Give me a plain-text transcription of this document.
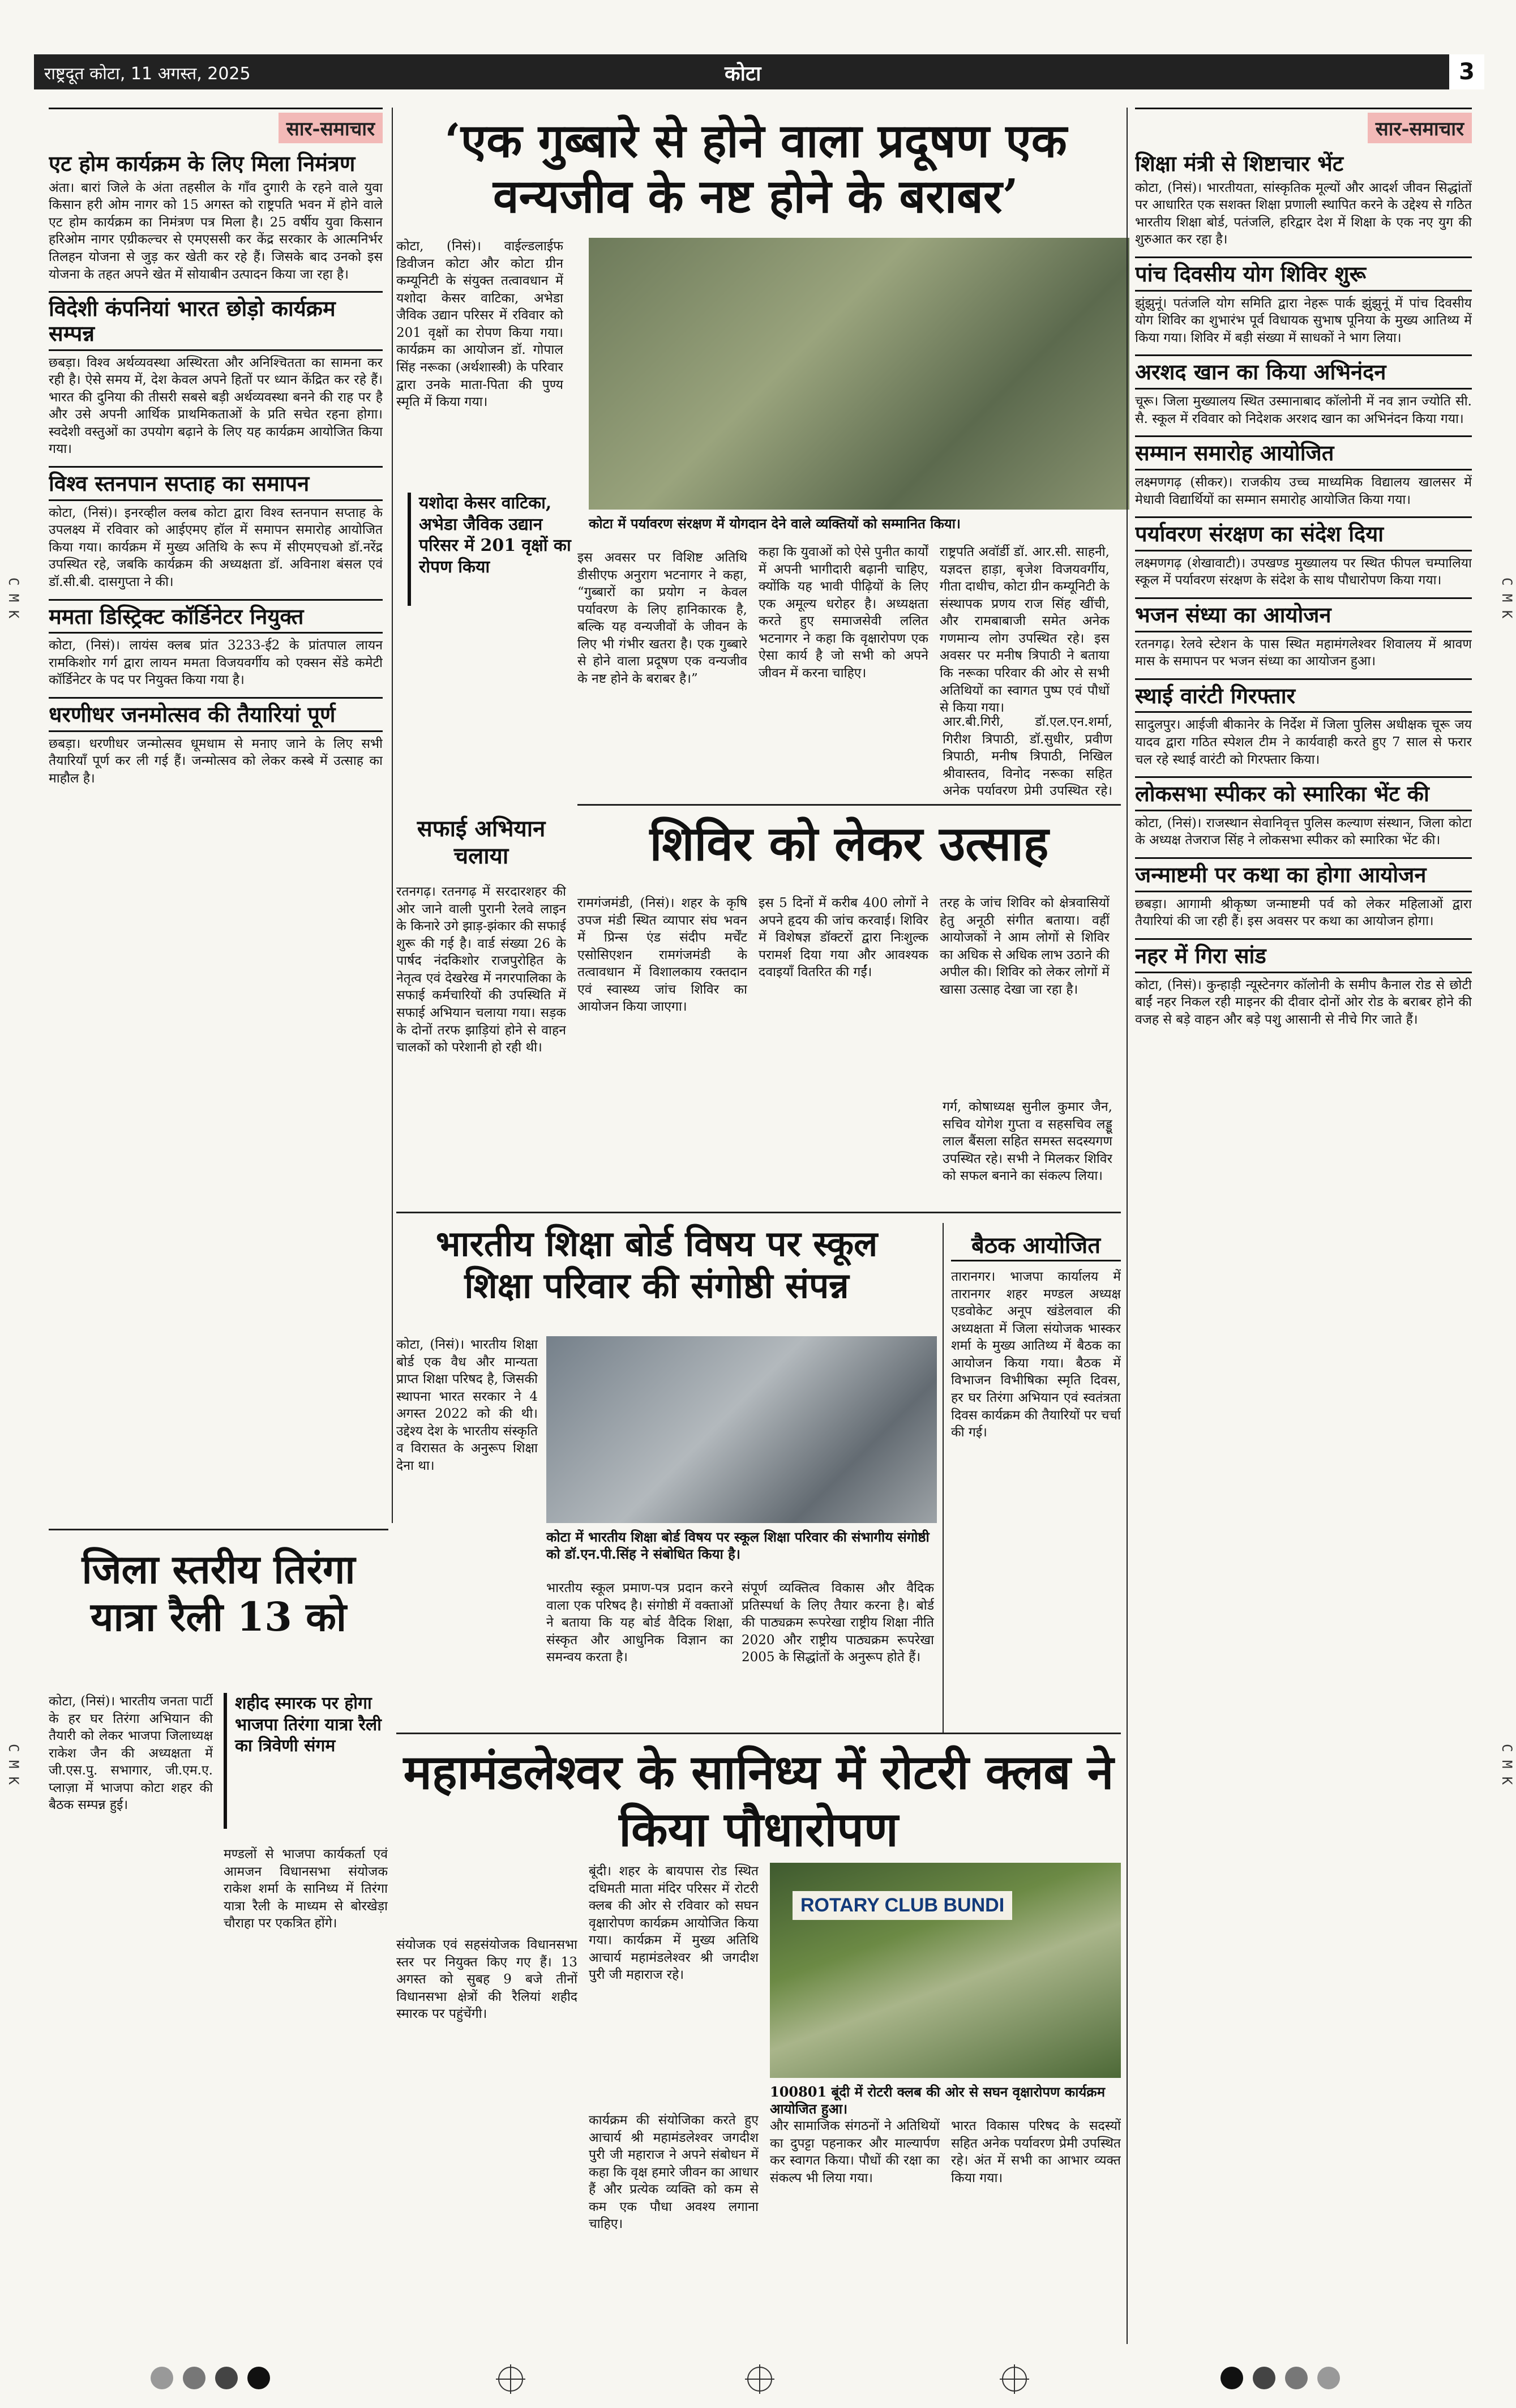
राष्ट्रदूत कोटा, 11 अगस्त, 2025	कोटा	3
C M K	C M K
C M K	C M K
सार-समाचार
एट होम कार्यक्रम के लिए मिला निमंत्रण

अंता। बारां जिले के अंता तहसील के गाँव दुगारी के रहने वाले युवा किसान हरी ओम नागर को 15 अगस्त को राष्ट्रपति भवन में होने वाले एट होम कार्यक्रम का निमंत्रण पत्र मिला है। 25 वर्षीय युवा किसान हरिओम नागर एग्रीकल्चर से एमएससी कर केंद्र सरकार के आत्मनिर्भर तिलहन योजना से जुड़ कर खेती कर रहे हैं। जिसके बाद उनको इस योजना के तहत अपने खेत में सोयाबीन उत्पादन किया जा रहा है।

विदेशी कंपनियां भारत छोड़ो कार्यक्रम सम्पन्न

छबड़ा। विश्व अर्थव्यवस्था अस्थिरता और अनिश्चितता का सामना कर रही है। ऐसे समय में, देश केवल अपने हितों पर ध्यान केंद्रित कर रहे हैं। भारत की दुनिया की तीसरी सबसे बड़ी अर्थव्यवस्था बनने की राह पर है और उसे अपनी आर्थिक प्राथमिकताओं के प्रति सचेत रहना होगा। स्वदेशी वस्तुओं का उपयोग बढ़ाने के लिए यह कार्यक्रम आयोजित किया गया।

विश्व स्तनपान सप्ताह का समापन

कोटा, (निसं)। इनरव्हील क्लब कोटा द्वारा विश्व स्तनपान सप्ताह के उपलक्ष्य में रविवार को आईएमए हॉल में समापन समारोह आयोजित किया गया। कार्यक्रम में मुख्य अतिथि के रूप में सीएमएचओ डॉ.नरेंद्र उपस्थित रहे, जबकि कार्यक्रम की अध्यक्षता डॉ. अविनाश बंसल एवं डॉ.सी.बी. दासगुप्ता ने की।

ममता डिस्ट्रिक्ट कॉर्डिनेटर नियुक्त

कोटा, (निसं)। लायंस क्लब प्रांत 3233-ई2 के प्रांतपाल लायन रामकिशोर गर्ग द्वारा लायन ममता विजयवर्गीय को एक्सन सेंडे कमेटी कॉर्डिनेटर के पद पर नियुक्त किया गया है।

धरणीधर जनमोत्सव की तैयारियां पूर्ण

छबड़ा। धरणीधर जन्मोत्सव धूमधाम से मनाए जाने के लिए सभी तैयारियाँ पूर्ण कर ली गई हैं। जन्मोत्सव को लेकर कस्बे में उत्साह का माहौल है।

‘एक गुब्बारे से होने वाला प्रदूषण एक वन्यजीव के नष्ट होने के बराबर’

कोटा, (निसं)। वाईल्डलाईफ डिवीजन कोटा और कोटा ग्रीन कम्यूनिटी के संयुक्त तत्वावधान में यशोदा केसर वाटिका, अभेडा जैविक उद्यान परिसर में रविवार को 201 वृक्षों का रोपण किया गया। कार्यक्रम का आयोजन डॉ. गोपाल सिंह नरूका (अर्थशास्त्री) के परिवार द्वारा उनके माता-पिता की पुण्य स्मृति में किया गया।

यशोदा केसर वाटिका, अभेडा जैविक उद्यान परिसर में 201 वृक्षों का रोपण किया
कोटा में पर्यावरण संरक्षण में योगदान देने वाले व्यक्तियों को सम्मानित किया।

इस अवसर पर विशिष्ट अतिथि डीसीएफ अनुराग भटनागर ने कहा, “गुब्बारों का प्रयोग न केवल पर्यावरण के लिए हानिकारक है, बल्कि यह वन्यजीवों के जीवन के लिए भी गंभीर खतरा है। एक गुब्बारे से होने वाला प्रदूषण एक वन्यजीव के नष्ट होने के बराबर है।”

कहा कि युवाओं को ऐसे पुनीत कार्यों में अपनी भागीदारी बढ़ानी चाहिए, क्योंकि यह भावी पीढ़ियों के लिए एक अमूल्य धरोहर है। अध्यक्षता करते हुए समाजसेवी ललित भटनागर ने कहा कि वृक्षारोपण एक ऐसा कार्य है जो सभी को अपने जीवन में करना चाहिए।

राष्ट्रपति अवॉर्डी डॉ. आर.सी. साहनी, यज्ञदत्त हाड़ा, बृजेश विजयवर्गीय, गीता दाधीच, कोटा ग्रीन कम्यूनिटी के संस्थापक प्रणय राज सिंह खींची, और रामबाबाजी समेत अनेक गणमान्य लोग उपस्थित रहे। इस अवसर पर मनीष त्रिपाठी ने बताया कि नरूका परिवार की ओर से सभी अतिथियों का स्वागत पुष्प एवं पौधों से किया गया।

सफाई अभियान चलाया

रतनगढ़। रतनगढ़ में सरदारशहर की ओर जाने वाली पुरानी रेलवे लाइन के किनारे उगे झाड़-झंकार की सफाई शुरू की गई है। वार्ड संख्या 26 के पार्षद नंदकिशोर राजपुरोहित के नेतृत्व एवं देखरेख में नगरपालिका के सफाई कर्मचारियों की उपस्थिति में सफाई अभियान चलाया गया। सड़क के दोनों तरफ झाड़ियां होने से वाहन चालकों को परेशानी हो रही थी।

शिविर को लेकर उत्साह

रामगंजमंडी, (निसं)। शहर के कृषि उपज मंडी स्थित व्यापार संघ भवन में प्रिन्स एंड संदीप मर्चेंट एसोसिएशन रामगंजमंडी के तत्वावधान में विशालकाय रक्तदान एवं स्वास्थ्य जांच शिविर का आयोजन किया जाएगा।

इस 5 दिनों में करीब 400 लोगों ने अपने हृदय की जांच करवाई। शिविर में विशेषज्ञ डॉक्टरों द्वारा निःशुल्क परामर्श दिया गया और आवश्यक दवाइयाँ वितरित की गईं।

तरह के जांच शिविर को क्षेत्रवासियों हेतु अनूठी संगीत बताया। वहीं आयोजकों ने आम लोगों से शिविर का अधिक से अधिक लाभ उठाने की अपील की। शिविर को लेकर लोगों में खासा उत्साह देखा जा रहा है।

भारतीय शिक्षा बोर्ड विषय पर स्कूल शिक्षा परिवार की संगोष्ठी संपन्न

कोटा, (निसं)। भारतीय शिक्षा बोर्ड एक वैध और मान्यता प्राप्त शिक्षा परिषद है, जिसकी स्थापना भारत सरकार ने 4 अगस्त 2022 को की थी। उद्देश्य देश के भारतीय संस्कृति व विरासत के अनुरूप शिक्षा देना था।

कोटा में भारतीय शिक्षा बोर्ड विषय पर स्कूल शिक्षा परिवार की संभागीय संगोष्ठी को डॉ.एन.पी.सिंह ने संबोधित किया है।

भारतीय स्कूल प्रमाण-पत्र प्रदान करने वाला एक परिषद है। संगोष्ठी में वक्ताओं ने बताया कि यह बोर्ड वैदिक शिक्षा, संस्कृत और आधुनिक विज्ञान का समन्वय करता है।

संपूर्ण व्यक्तित्व विकास और वैदिक प्रतिस्पर्धा के लिए तैयार करना है। बोर्ड की पाठ्यक्रम रूपरेखा राष्ट्रीय शिक्षा नीति 2020 और राष्ट्रीय पाठ्यक्रम रूपरेखा 2005 के सिद्धांतों के अनुरूप होते हैं।

बैठक आयोजित

तारानगर। भाजपा कार्यालय में तारानगर शहर मण्डल अध्यक्ष एडवोकेट अनूप खंडेलवाल की अध्यक्षता में जिला संयोजक भास्कर शर्मा के मुख्य आतिथ्य में बैठक का आयोजन किया गया। बैठक में विभाजन विभीषिका स्मृति दिवस, हर घर तिरंगा अभियान एवं स्वतंत्रता दिवस कार्यक्रम की तैयारियों पर चर्चा की गई।

जिला स्तरीय तिरंगा यात्रा रैली 13 को

कोटा, (निसं)। भारतीय जनता पार्टी के हर घर तिरंगा अभियान की तैयारी को लेकर भाजपा जिलाध्यक्ष राकेश जैन की अध्यक्षता में जी.एस.पु. सभागार, जी.एम.ए. प्लाज़ा में भाजपा कोटा शहर की बैठक सम्पन्न हुई।

शहीद स्मारक पर होगा भाजपा तिरंगा यात्रा रैली का त्रिवेणी संगम

मण्डलों से भाजपा कार्यकर्ता एवं आमजन विधानसभा संयोजक राकेश शर्मा के सानिध्य में तिरंगा यात्रा रैली के माध्यम से बोरखेड़ा चौराहा पर एकत्रित होंगे।

महामंडलेश्वर के सानिध्य में रोटरी क्लब ने किया पौधारोपण

संयोजक एवं सहसंयोजक विधानसभा स्तर पर नियुक्त किए गए हैं। 13 अगस्त को सुबह 9 बजे तीनों विधानसभा क्षेत्रों की रैलियां शहीद स्मारक पर पहुंचेंगी।

बूंदी। शहर के बायपास रोड स्थित दधिमती माता मंदिर परिसर में रोटरी क्लब की ओर से रविवार को सघन वृक्षारोपण कार्यक्रम आयोजित किया गया। कार्यक्रम में मुख्य अतिथि आचार्य महामंडलेश्वर श्री जगदीश पुरी जी महाराज रहे।

ROTARY CLUB BUNDI
100801 बूंदी में रोटरी क्लब की ओर से सघन वृक्षारोपण कार्यक्रम आयोजित हुआ।

कार्यक्रम की संयोजिका करते हुए आचार्य श्री महामंडलेश्वर जगदीश पुरी जी महाराज ने अपने संबोधन में कहा कि वृक्ष हमारे जीवन का आधार हैं और प्रत्येक व्यक्ति को कम से कम एक पौधा अवश्य लगाना चाहिए।

और सामाजिक संगठनों ने अतिथियों का दुपट्टा पहनाकर और माल्यार्पण कर स्वागत किया। पौधों की रक्षा का संकल्प भी लिया गया।

भारत विकास परिषद के सदस्यों सहित अनेक पर्यावरण प्रेमी उपस्थित रहे। अंत में सभी का आभार व्यक्त किया गया।

सार-समाचार
शिक्षा मंत्री से शिष्टाचार भेंट

कोटा, (निसं)। भारतीयता, सांस्कृतिक मूल्यों और आदर्श जीवन सिद्धांतों पर आधारित एक सशक्त शिक्षा प्रणाली स्थापित करने के उद्देश्य से गठित भारतीय शिक्षा बोर्ड, पतंजलि, हरिद्वार देश में शिक्षा के एक नए युग की शुरुआत कर रहा है।

पांच दिवसीय योग शिविर शुरू

झुंझुनूं। पतंजलि योग समिति द्वारा नेहरू पार्क झुंझुनूं में पांच दिवसीय योग शिविर का शुभारंभ पूर्व विधायक सुभाष पूनिया के मुख्य आतिथ्य में किया गया। शिविर में बड़ी संख्या में साधकों ने भाग लिया।

अरशद खान का किया अभिनंदन

चूरू। जिला मुख्यालय स्थित उस्मानाबाद कॉलोनी में नव ज्ञान ज्योति सी. सै. स्कूल में रविवार को निदेशक अरशद खान का अभिनंदन किया गया।

सम्मान समारोह आयोजित

लक्ष्मणगढ़ (सीकर)। राजकीय उच्च माध्यमिक विद्यालय खालसर में मेधावी विद्यार्थियों का सम्मान समारोह आयोजित किया गया।

पर्यावरण संरक्षण का संदेश दिया

लक्ष्मणगढ़ (शेखावाटी)। उपखण्ड मुख्यालय पर स्थित फीपल चम्पालिया स्कूल में पर्यावरण संरक्षण के संदेश के साथ पौधारोपण किया गया।

भजन संध्या का आयोजन

रतनगढ़। रेलवे स्टेशन के पास स्थित महामंगलेश्वर शिवालय में श्रावण मास के समापन पर भजन संध्या का आयोजन हुआ।

स्थाई वारंटी गिरफ्तार

सादुलपुर। आईजी बीकानेर के निर्देश में जिला पुलिस अधीक्षक चूरू जय यादव द्वारा गठित स्पेशल टीम ने कार्यवाही करते हुए 7 साल से फरार चल रहे स्थाई वारंटी को गिरफ्तार किया।

लोकसभा स्पीकर को स्मारिका भेंट की

कोटा, (निसं)। राजस्थान सेवानिवृत्त पुलिस कल्याण संस्थान, जिला कोटा के अध्यक्ष तेजराज सिंह ने लोकसभा स्पीकर को स्मारिका भेंट की।

जन्माष्टमी पर कथा का होगा आयोजन

छबड़ा। आगामी श्रीकृष्ण जन्माष्टमी पर्व को लेकर महिलाओं द्वारा तैयारियां की जा रही हैं। इस अवसर पर कथा का आयोजन होगा।

नहर में गिरा सांड

कोटा, (निसं)। कुन्हाड़ी न्यूस्टेनगर कॉलोनी के समीप कैनाल रोड से छोटी बाईं नहर निकल रही माइनर की दीवार दोनों ओर रोड के बराबर होने की वजह से बड़े वाहन और बड़े पशु आसानी से नीचे गिर जाते हैं।

आर.बी.गिरी, डॉ.एल.एन.शर्मा, गिरीश त्रिपाठी, डॉ.सुधीर, प्रवीण त्रिपाठी, मनीष त्रिपाठी, निखिल श्रीवास्तव, विनोद नरूका सहित अनेक पर्यावरण प्रेमी उपस्थित रहे।

गर्ग, कोषाध्यक्ष सुनील कुमार जैन, सचिव योगेश गुप्ता व सहसचिव लड्डू लाल बैंसला सहित समस्त सदस्यगण उपस्थित रहे। सभी ने मिलकर शिविर को सफल बनाने का संकल्प लिया।
